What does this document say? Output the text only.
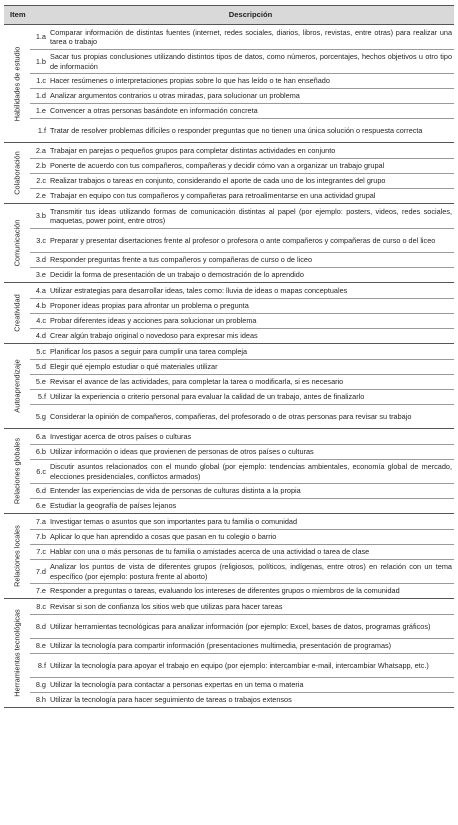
Item	Descripción
Habilidades de estudio
1.a
Comparar información de distintas fuentes (internet, redes sociales, diarios, libros, revistas, entre otras) para realizar una tarea o trabajo
1.b
Sacar tus propias conclusiones utilizando distintos tipos de datos, como números, porcentajes, hechos objetivos u otro tipo de información
1.c Hacer resúmenes o interpretaciones propias sobre lo que has leído o te han enseñado
1.d Analizar argumentos contrarios u otras miradas, para solucionar un problema
1.e Convencer a otras personas basándote en información concreta
1.f Tratar de resolver problemas difíciles o responder preguntas que no tienen una única solución o respuesta correcta
Colaboración
2.a Trabajar en parejas o pequeños grupos para completar distintas actividades en conjunto
2.b Ponerte de acuerdo con tus compañeros, compañeras y decidir cómo van a organizar un trabajo grupal
2.c Realizar trabajos o tareas en conjunto, considerando el aporte de cada uno de los integrantes del grupo
2.e Trabajar en equipo con tus compañeros y compañeras para retroalimentarse en una actividad grupal
Comunicación
3.b
Transmitir tus ideas utilizando formas de comunicación distintas al papel (por ejemplo: posters, videos, redes sociales, maquetas, power point, entre otros)
3.c Preparar y presentar disertaciones frente al profesor o profesora o ante compañeros y compañeras de curso o del liceo
3.d Responder preguntas frente a tus compañeros y compañeras de curso o de liceo
3.e Decidir la forma de presentación de un trabajo o demostración de lo aprendido
Creatividad
4.a Utilizar estrategias para desarrollar ideas, tales como: lluvia de ideas o mapas conceptuales
4.b Proponer ideas propias para afrontar un problema o pregunta
4.c Probar diferentes ideas y acciones para solucionar un problema
4.d Crear algún trabajo original o novedoso para expresar mis ideas
Autoaprendizaje
5.c Planificar los pasos a seguir para cumplir una tarea compleja
5.d Elegir qué ejemplo estudiar o qué materiales utilizar
5.e Revisar el avance de las actividades, para completar la tarea o modificarla, si es necesario
5.f Utilizar la experiencia o criterio personal para evaluar la calidad de un trabajo, antes de finalizarlo
5.g Considerar la opinión de compañeros, compañeras, del profesorado o de otras personas para revisar su trabajo
Relaciones globales
6.a Investigar acerca de otros países o culturas
6.b Utilizar información o ideas que provienen de personas de otros países o culturas
6.c
Discutir asuntos relacionados con el mundo global (por ejemplo: tendencias ambientales, economía global de mercado, elecciones presidenciales, conflictos armados)
6.d Entender las experiencias de vida de personas de culturas distinta a la propia
6.e Estudiar la geografía de países lejanos
Relaciones locales
7.a Investigar temas o asuntos que son importantes para tu familia o comunidad
7.b Aplicar lo que han aprendido a cosas que pasan en tu colegio o barrio
7.c Hablar con una o más personas de tu familia o amistades acerca de una actividad o tarea de clase
7.d
Analizar los puntos de vista de diferentes grupos (religiosos, políticos, indígenas, entre otros) en relación con un tema específico (por ejemplo: postura frente al aborto)
7.e Responder a preguntas o tareas, evaluando los intereses de diferentes grupos o miembros de la comunidad
Herramientas tecnológicas
8.c Revisar si son de confianza los sitios web que utilizas para hacer tareas
8.d Utilizar herramientas tecnológicas para analizar información (por ejemplo: Excel, bases de datos, programas gráficos)
8.e Utilizar la tecnología para compartir información (presentaciones multimedia, presentación de programas)
8.f Utilizar la tecnología para apoyar el trabajo en equipo (por ejemplo: intercambiar e-mail, intercambiar Whatsapp, etc.)
8.g Utilizar la tecnología para contactar a personas expertas en un tema o materia
8.h Utilizar la tecnología para hacer seguimiento de tareas o trabajos extensos
